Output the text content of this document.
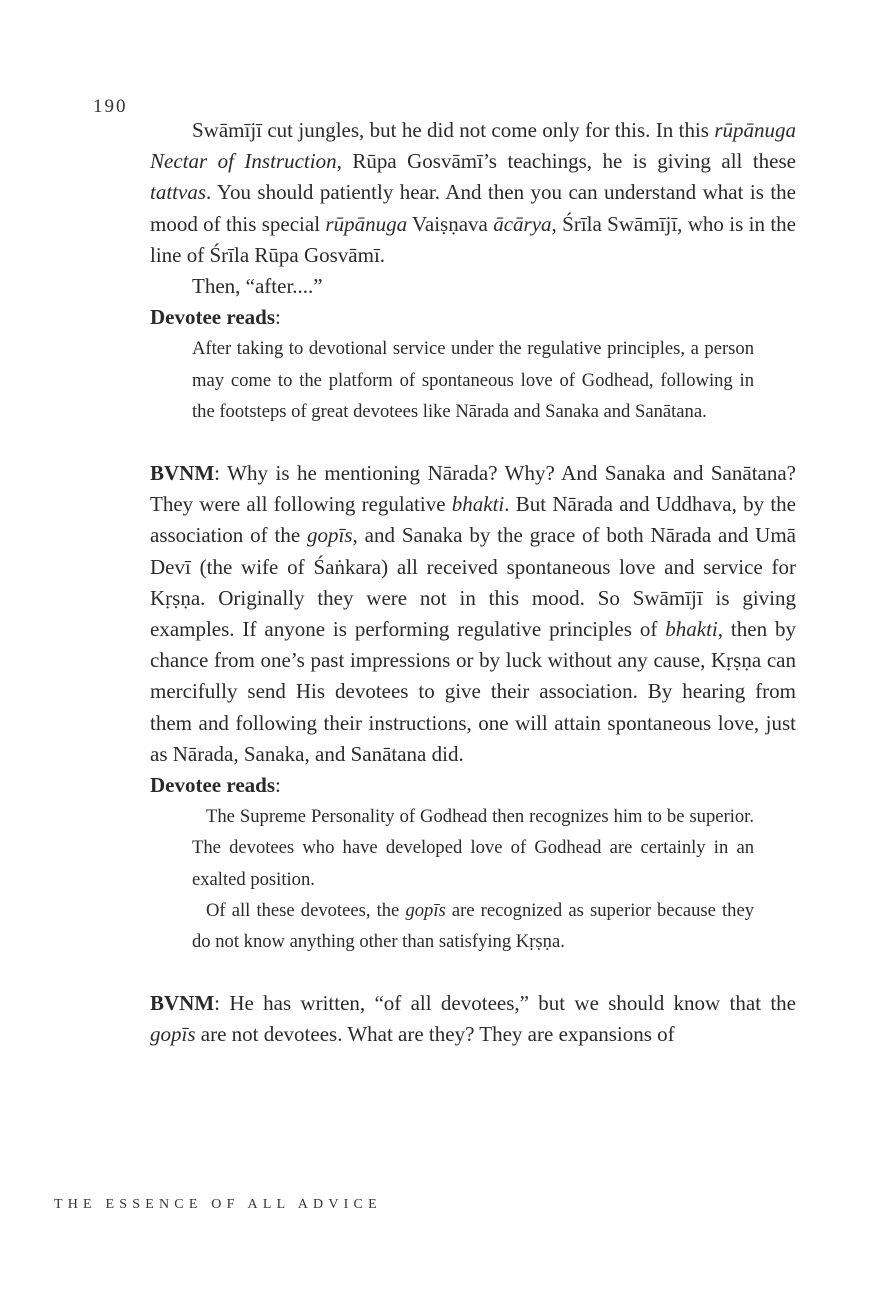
190

Swāmījī cut jungles, but he did not come only for this. In this rūpānuga Nectar of Instruction, Rūpa Gosvāmī’s teachings, he is giving all these tattvas. You should patiently hear. And then you can understand what is the mood of this special rūpānuga Vaiṣṇava ācārya, Śrīla Swāmījī, who is in the line of Śrīla Rūpa Gosvāmī.

Then, “after....”

Devotee reads:

After taking to devotional service under the regulative principles, a person may come to the platform of spontaneous love of Godhead, following in the footsteps of great devotees like Nārada and Sanaka and Sanātana.

BVNM: Why is he mentioning Nārada? Why? And Sanaka and Sanātana? They were all following regulative bhakti. But Nārada and Uddhava, by the association of the gopīs, and Sanaka by the grace of both Nārada and Umā Devī (the wife of Śaṅkara) all received spontaneous love and service for Kṛṣṇa. Originally they were not in this mood. So Swāmījī is giving examples. If anyone is performing regulative principles of bhakti, then by chance from one’s past impressions or by luck without any cause, Kṛṣṇa can mercifully send His devotees to give their association. By hearing from them and following their instructions, one will attain spontaneous love, just as Nārada, Sanaka, and Sanātana did.

Devotee reads:

The Supreme Personality of Godhead then recognizes him to be superior. The devotees who have developed love of Godhead are certainly in an exalted position.

Of all these devotees, the gopīs are recognized as superior because they do not know anything other than satisfying Kṛṣṇa.

BVNM: He has written, “of all devotees,” but we should know that the gopīs are not devotees. What are they? They are expansions of

THE ESSENCE OF ALL ADVICE
